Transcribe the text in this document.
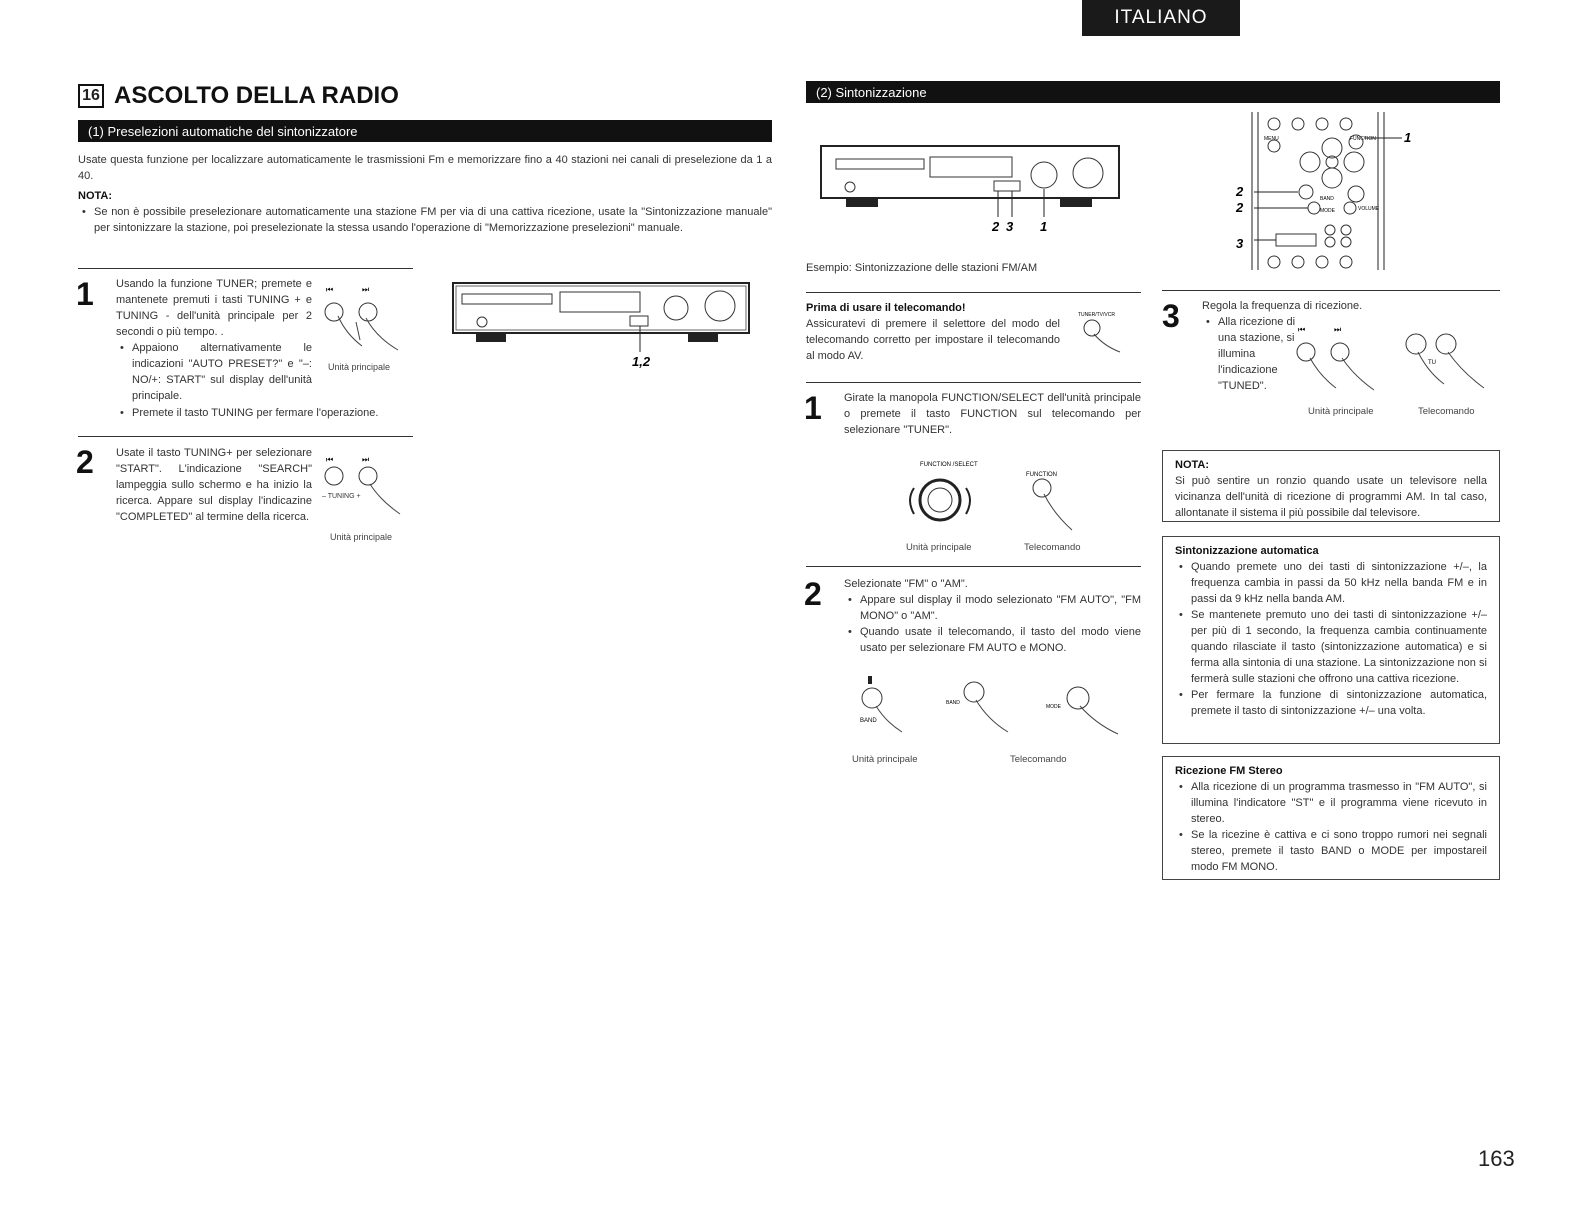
ITALIANO
16 ASCOLTO DELLA RADIO
(1) Preselezioni automatiche del sintonizzatore
Usate questa funzione per localizzare automaticamente le trasmissioni Fm e memorizzare fino a 40 stazioni nei canali di preselezione da 1 a 40.
NOTA:
• Se non è possibile preselezionare automaticamente una stazione FM per via di una cattiva ricezione, usate la "Sintonizzazione manuale" per sintonizzare la stazione, poi preselezionate la stessa usando l'operazione di "Memorizzazione preselezioni" manuale.
1 Usando la funzione TUNER; premete e mantenete premuti i tasti TUNING + e TUNING - dell'unità principale per 2 secondi o più tempo. .
• Appaiono alternativamente le indicazioni "AUTO PRESET?" e "–: NO/+: START" sul display dell'unità principale.
• Premete il tasto TUNING per fermare l'operazione.
⏮	⏭
Unità principale
2 Usate il tasto TUNING+ per selezionare "START". L'indicazione "SEARCH" lampeggia sullo schermo e ha inizio la ricerca. Appare sul display l'indicazine "COMPLETED" al termine della ricerca.
⏮	⏭
– TUNING +
Unità principale
1,2
(2) Sintonizzazione
2 3 1
Esempio: Sintonizzazione delle stazioni FM/AM
MENU	FUNCTION
BAND
MODE	VOLUME
1
2
2
3
Prima di usare il telecomando!
Assicuratevi di premere il selettore del modo del telecomando corretto per impostare il telecomando al modo AV.
TUNER/TV/VCR
1 Girate la manopola FUNCTION/SELECT dell'unità principale o premete il tasto FUNCTION sul telecomando per selezionare "TUNER".
FUNCTION /SELECT
FUNCTION
Unità principale	Telecomando
2 Selezionate "FM" o "AM".
• Appare sul display il modo selezionato "FM AUTO", "FM MONO" o "AM".
• Quando usate il telecomando, il tasto del modo viene usato per selezionare FM AUTO e MONO.
BAND
BAND
MODE
Unità principale	Telecomando
3 Regola la frequenza di ricezione.
• Alla ricezione di una stazione, si illumina l'indicazione "TUNED".
⏮	⏭
TU
Unità principale	Telecomando
NOTA:
Si può sentire un ronzio quando usate un televisore nella vicinanza dell'unità di ricezione di programmi AM. In tal caso, allontanate il sistema il più possibile dal televisore.
Sintonizzazione automatica
• Quando premete uno dei tasti di sintonizzazione +/–, la frequenza cambia in passi da 50 kHz nella banda FM e in passi da 9 kHz nella banda AM.
• Se mantenete premuto uno dei tasti di sintonizzazione +/– per più di 1 secondo, la frequenza cambia continuamente quando rilasciate il tasto (sintonizzazione automatica) e si ferma alla sintonia di una stazione. La sintonizzazione non si fermerà sulle stazioni che offrono una cattiva ricezione.
• Per fermare la funzione di sintonizzazione automatica, premete il tasto di sintonizzazione +/– una volta.
Ricezione FM Stereo
• Alla ricezione di un programma trasmesso in "FM AUTO", si illumina l'indicatore "ST" e il programma viene ricevuto in stereo.
• Se la ricezine è cattiva e ci sono troppo rumori nei segnali stereo, premete il tasto BAND o MODE per impostareil modo FM MONO.
163
